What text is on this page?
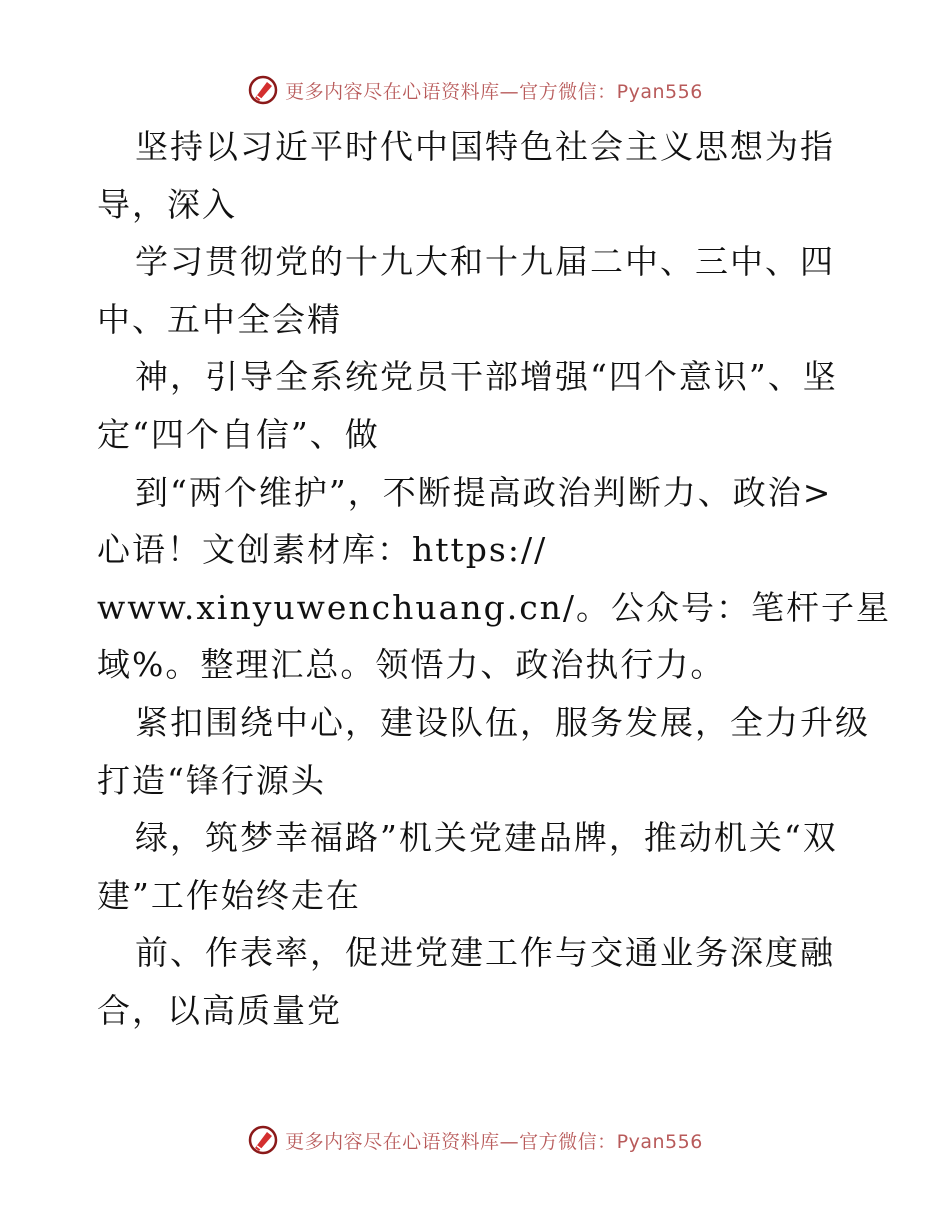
更多内容尽在心语资料库—官方微信：Pyan556
坚持以习近平时代中国特色社会主义思想为指
导，深入
学习贯彻党的十九大和十九届二中、三中、四
中、五中全会精
神，引导全系统党员干部增强“四个意识”、坚
定“四个自信”、做
到“两个维护”，不断提高政治判断力、政治>
心语！文创素材库：https://
www.xinyuwenchuang.cn/。公众号：笔杆子星
域%。整理汇总。领悟力、政治执行力。
紧扣围绕中心，建设队伍，服务发展，全力升级
打造“锋行源头
绿，筑梦幸福路”机关党建品牌，推动机关“双
建”工作始终走在
前、作表率，促进党建工作与交通业务深度融
合，以高质量党
更多内容尽在心语资料库—官方微信：Pyan556
